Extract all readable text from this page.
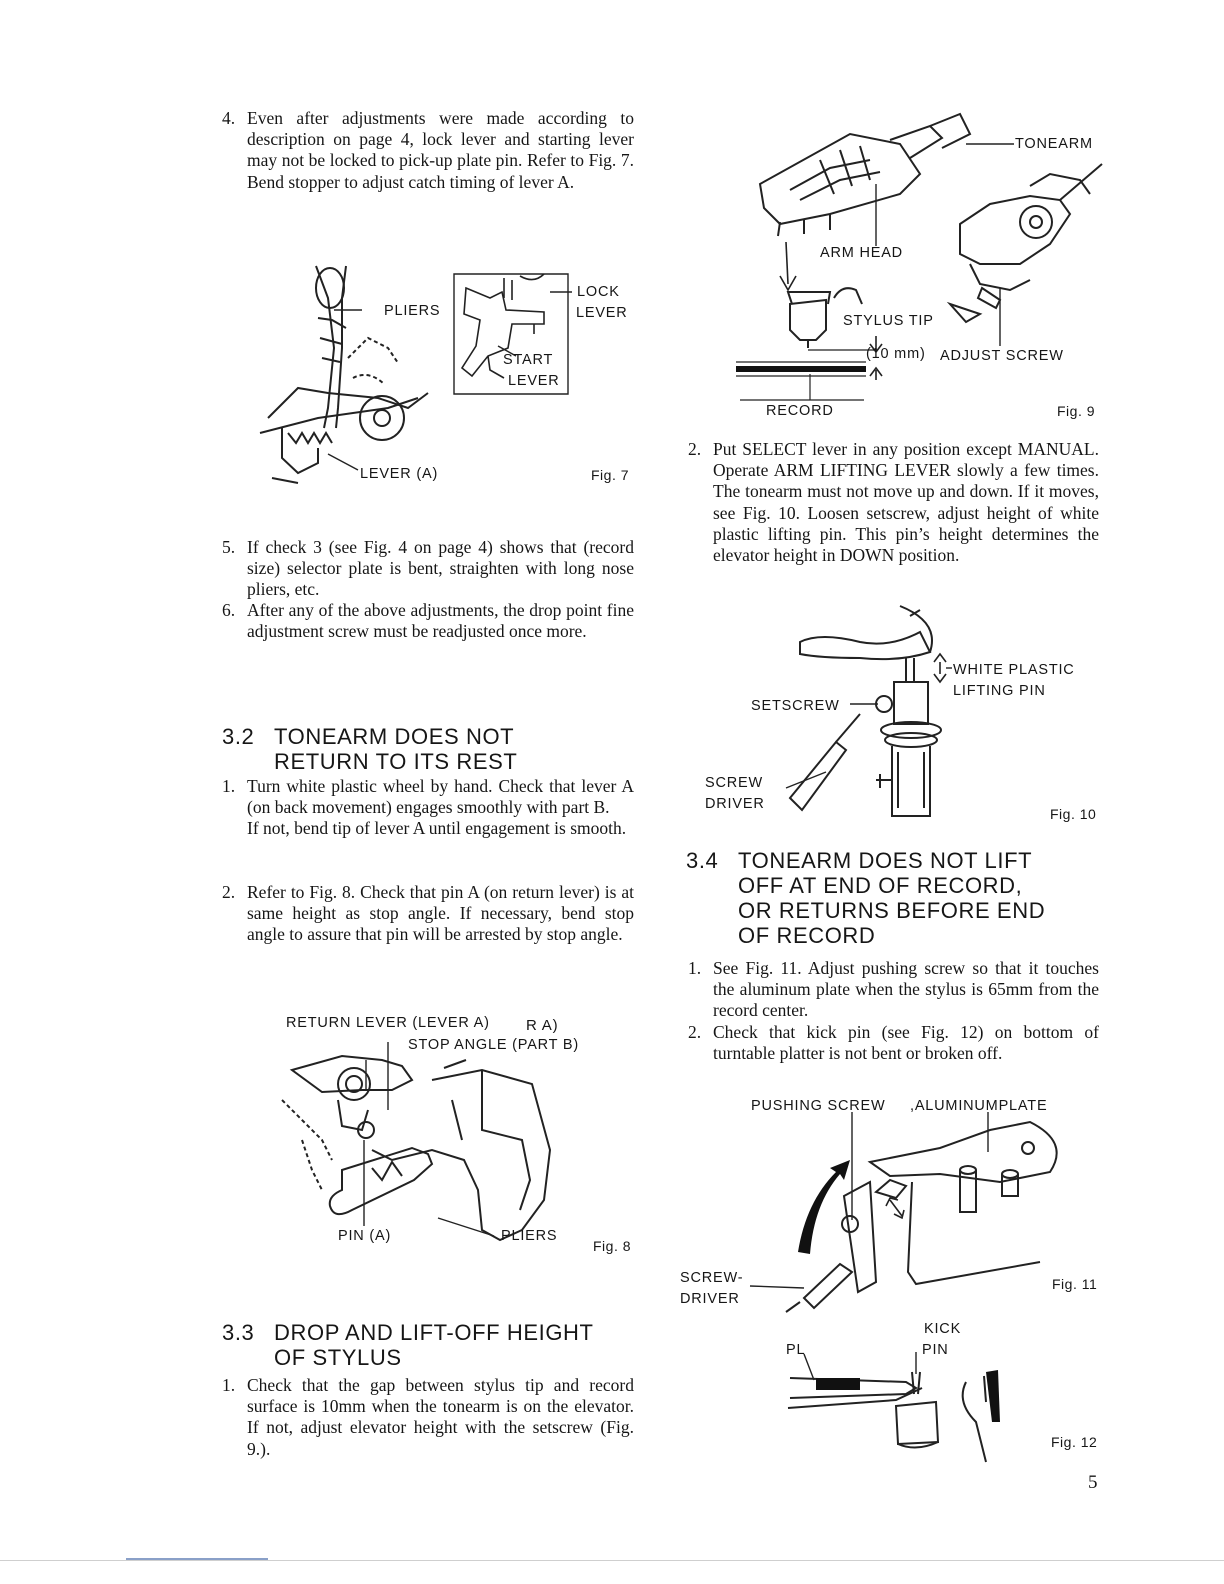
4. Even after adjustments were made according to description on page 4, lock lever and starting lever may not be locked to pick-up plate pin. Refer to Fig. 7. Bend stopper to adjust catch timing of lever A.
PLIERS
LOCK
LEVER
START
LEVER
LEVER (A)	Fig. 7
5. If check 3 (see Fig. 4 on page 4) shows that (record size) selector plate is bent, straighten with long nose pliers, etc.
6. After any of the above adjustments, the drop point fine adjustment screw must be readjusted once more.
3.2 TONEARM DOES NOT
RETURN TO ITS REST
1. Turn white plastic wheel by hand. Check that lever A (on back movement) engages smoothly with part B.
If not, bend tip of lever A until engagement is smooth.
2. Refer to Fig. 8. Check that pin A (on return lever) is at same height as stop angle. If necessary, bend stop angle to assure that pin will be arrested by stop angle.
RETURN LEVER (LEVER A) R A)
STOP ANGLE (PART B)
PIN (A)	PLIERS
Fig. 8
3.3 DROP AND LIFT-OFF HEIGHT
OF STYLUS
1. Check that the gap between stylus tip and record surface is 10mm when the tonearm is on the elevator. If not, adjust elevator height with the setscrew (Fig. 9.).
TONEARM
ARM HEAD
STYLUS TIP
(10 mm) ADJUST SCREW
RECORD	Fig. 9
2. Put SELECT lever in any position except MANUAL. Operate ARM LIFTING LEVER slowly a few times. The tonearm must not move up and down. If it moves, see Fig. 10. Loosen setscrew, adjust height of white plastic lifting pin. This pin’s height determines the elevator height in DOWN position.
WHITE PLASTIC
LIFTING PIN
SETSCREW
SCREW
DRIVER
Fig. 10
3.4 TONEARM DOES NOT LIFT
OFF AT END OF RECORD,
OR RETURNS BEFORE END
OF RECORD
1. See Fig. 11. Adjust pushing screw so that it touches the aluminum plate when the stylus is 65mm from the record center.
2. Check that kick pin (see Fig. 12) on bottom of turntable platter is not bent or broken off.
PUSHING SCREW ,ALUMINUMPLATE
SCREW-
DRIVER
Fig. 11
KICK
PIN
PL
Fig. 12
5
